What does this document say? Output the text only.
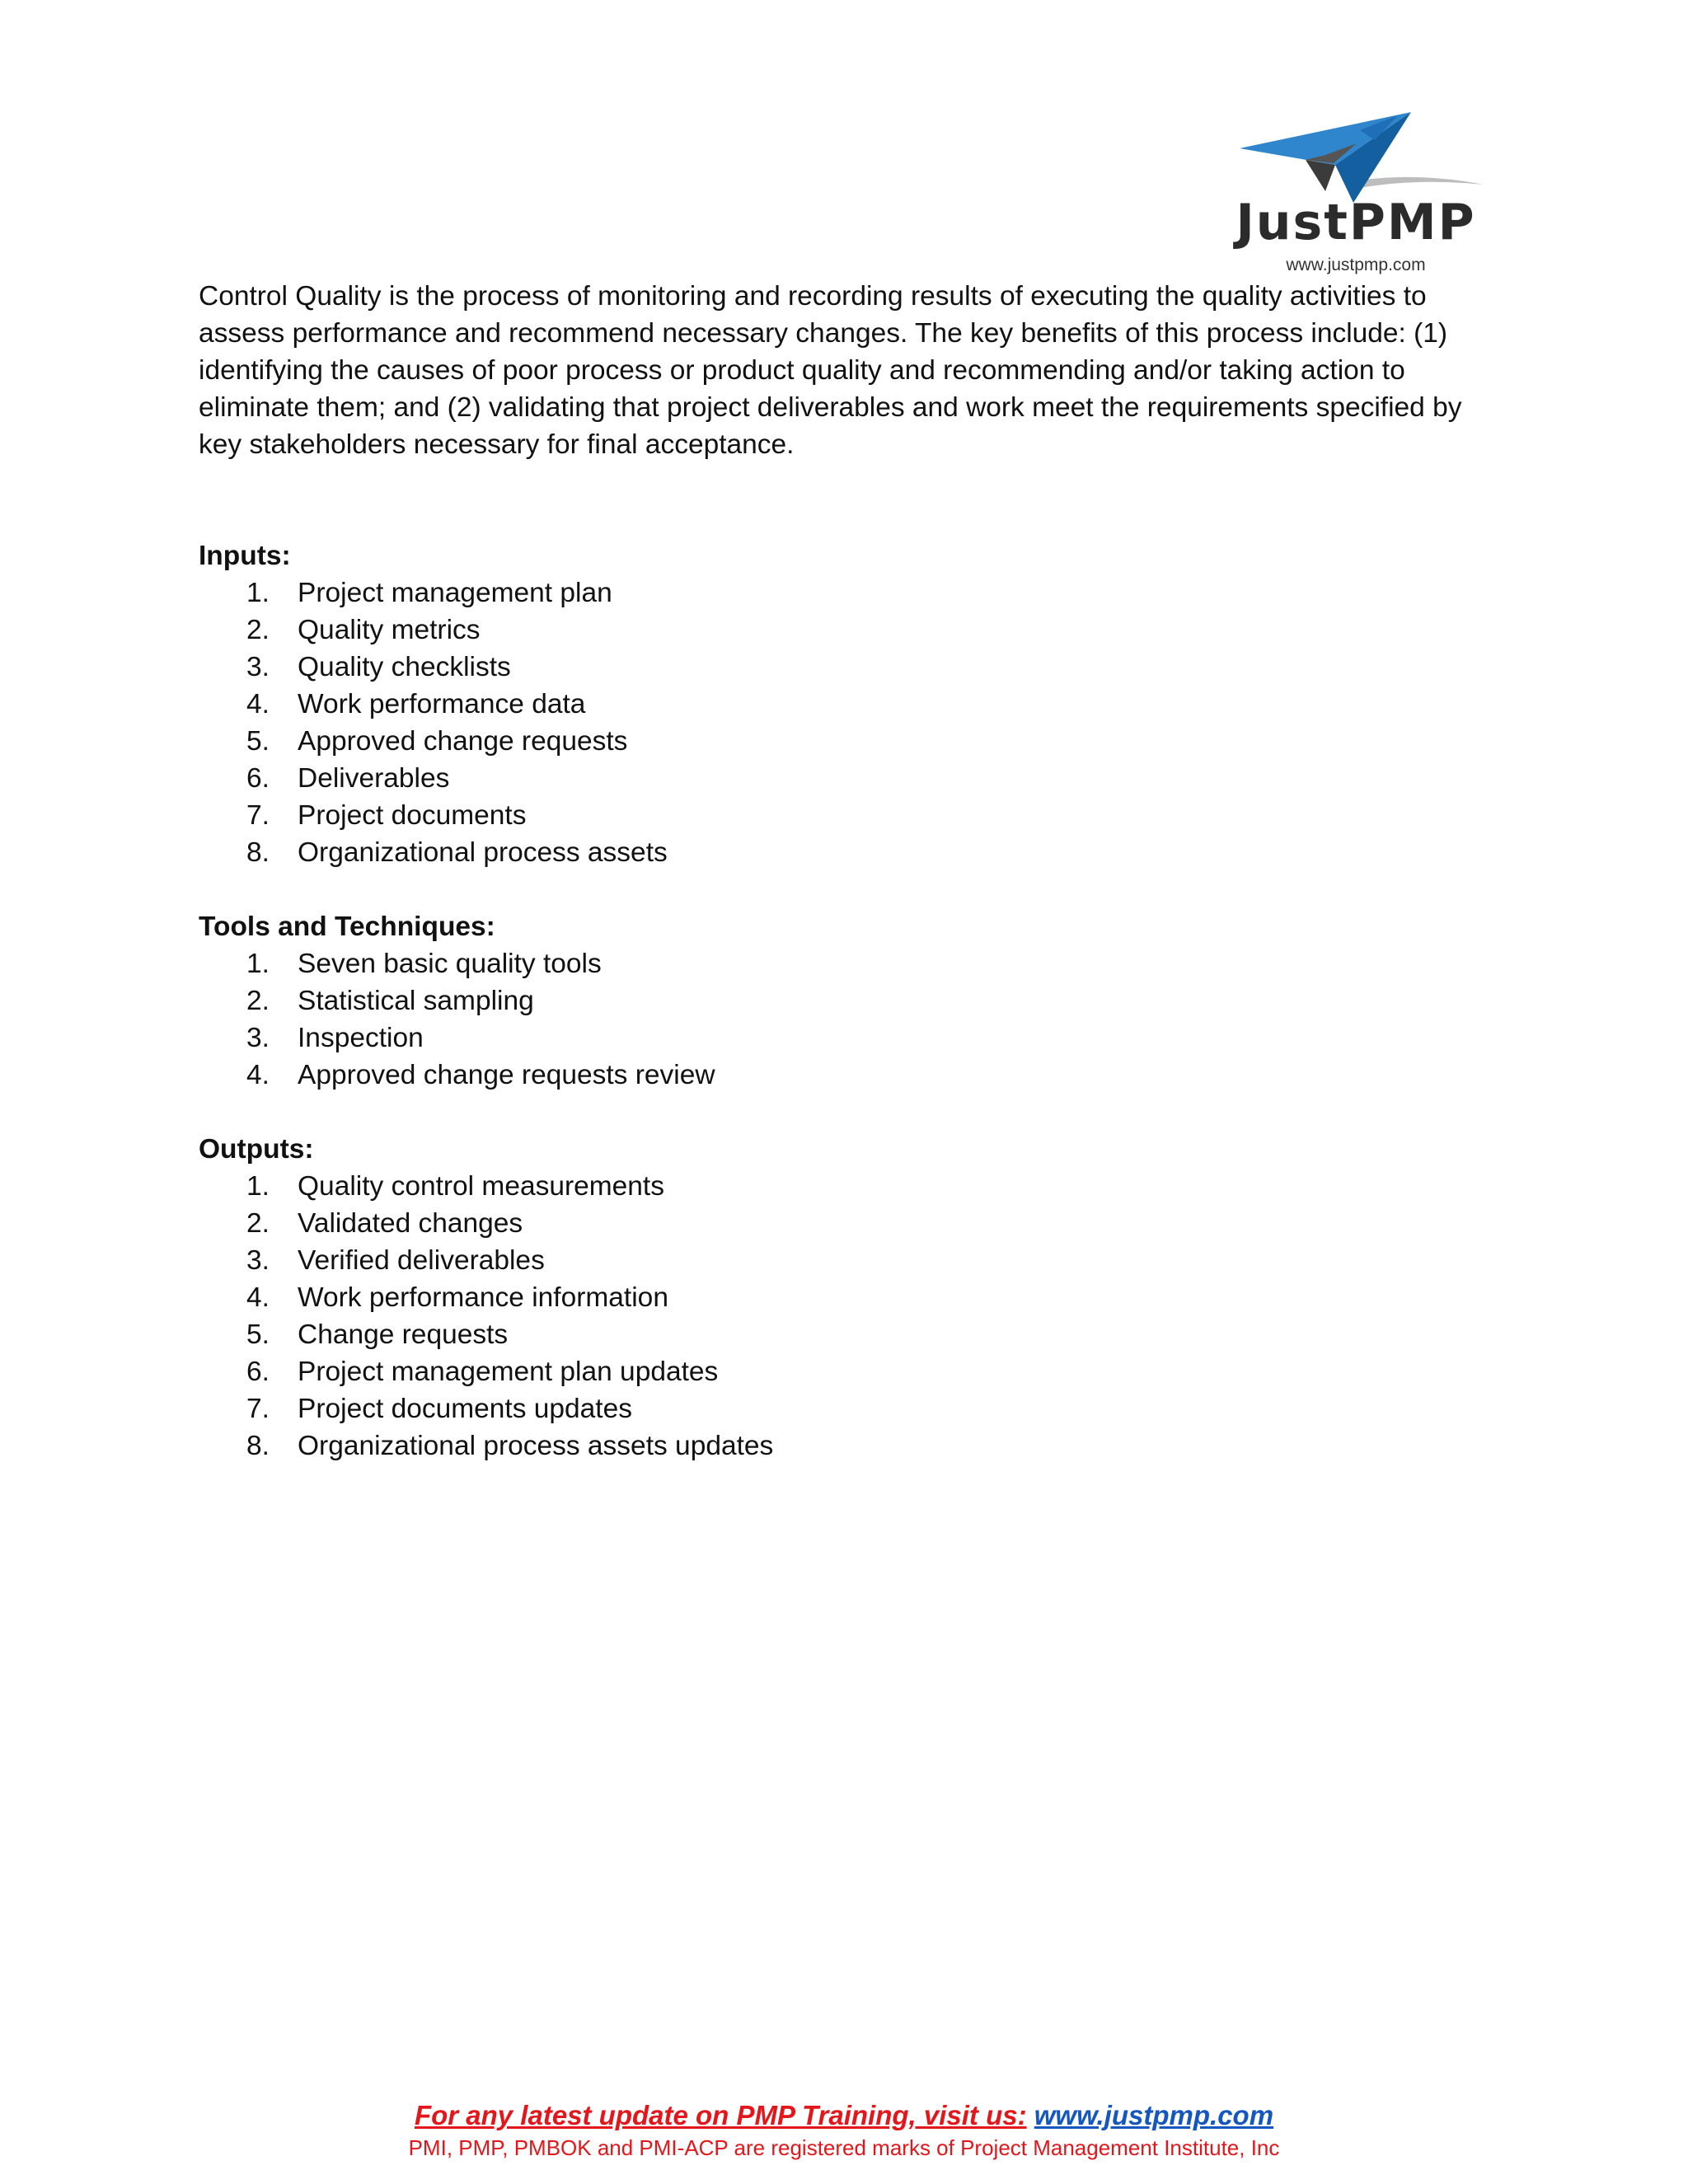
JustPMP
www.justpmp.com

Control Quality is the process of monitoring and recording results of executing the quality activities to assess performance and recommend necessary changes. The key benefits of this process include: (1) identifying the causes of poor process or product quality and recommending and/or taking action to eliminate them; and (2) validating that project deliverables and work meet the requirements specified by key stakeholders necessary for final acceptance.

Inputs:
1. Project management plan
2. Quality metrics
3. Quality checklists
4. Work performance data
5. Approved change requests
6. Deliverables
7. Project documents
8. Organizational process assets
Tools and Techniques:
1. Seven basic quality tools
2. Statistical sampling
3. Inspection
4. Approved change requests review
Outputs:
1. Quality control measurements
2. Validated changes
3. Verified deliverables
4. Work performance information
5. Change requests
6. Project management plan updates
7. Project documents updates
8. Organizational process assets updates
For any latest update on PMP Training, visit us: www.justpmp.com
PMI, PMP, PMBOK and PMI-ACP are registered marks of Project Management Institute, Inc
